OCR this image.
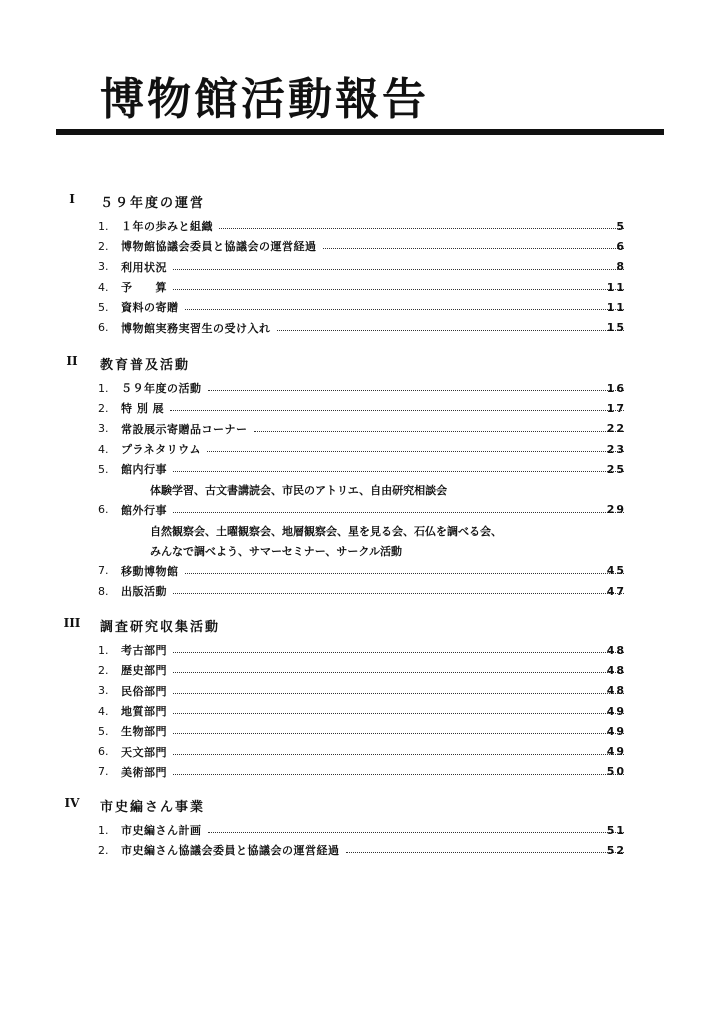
博物館活動報告
I	５９年度の運営
1.	１年の歩みと組織	5
2.	博物館協議会委員と協議会の運営経過	6
3.	利用状況	8
4.	予　　算	11
5.	資料の寄贈	11
6.	博物館実務実習生の受け入れ	15
II	教育普及活動
1.	５９年度の活動	16
2.	特 別 展	17
3.	常設展示寄贈品コーナー	22
4.	プラネタリウム	23
5.	館内行事	25
体験学習、古文書講読会、市民のアトリエ、自由研究相談会
6.	館外行事	29
自然観察会、土曜観察会、地層観察会、星を見る会、石仏を調べる会、
みんなで調べよう、サマーセミナー、サークル活動
7.	移動博物館	45
8.	出版活動	47
III 調査研究収集活動
1.	考古部門	48
2.	歴史部門	48
3.	民俗部門	48
4.	地質部門	49
5.	生物部門	49
6.	天文部門	49
7.	美術部門	50
IV	市史編さん事業
1.	市史編さん計画	51
2.	市史編さん協議会委員と協議会の運営経過	52
